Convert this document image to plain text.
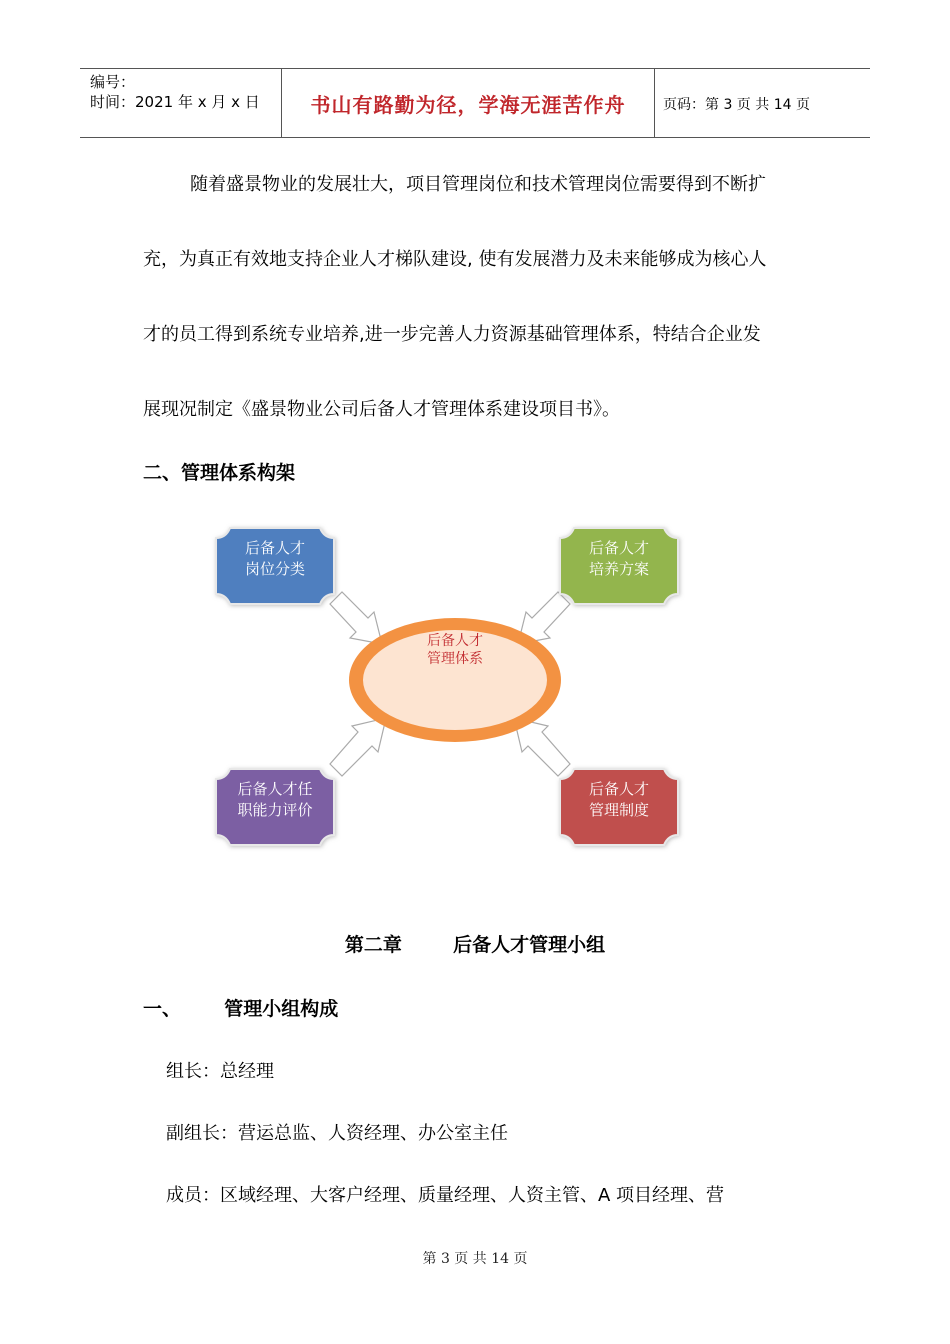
编号：
时间：2021 年 x 月 x 日	书山有路勤为径，学海无涯苦作舟	页码：第 3 页 共 14 页
随着盛景物业的发展壮大，项目管理岗位和技术管理岗位需要得到不断扩
充，为真正有效地支持企业人才梯队建设, 使有发展潜力及未来能够成为核心人
才的员工得到系统专业培养,进一步完善人力资源基础管理体系，特结合企业发
展现况制定《盛景物业公司后备人才管理体系建设项目书》。
二、管理体系构架
后备人才
管理体系
后备人才
岗位分类
后备人才
培养方案
后备人才任
职能力评价
后备人才
管理制度
第二章	后备人才管理小组
一、 管理小组构成
组长：总经理
副组长：营运总监、人资经理、办公室主任
成员：区域经理、大客户经理、质量经理、人资主管、A 项目经理、营
第 3 页 共 14 页
